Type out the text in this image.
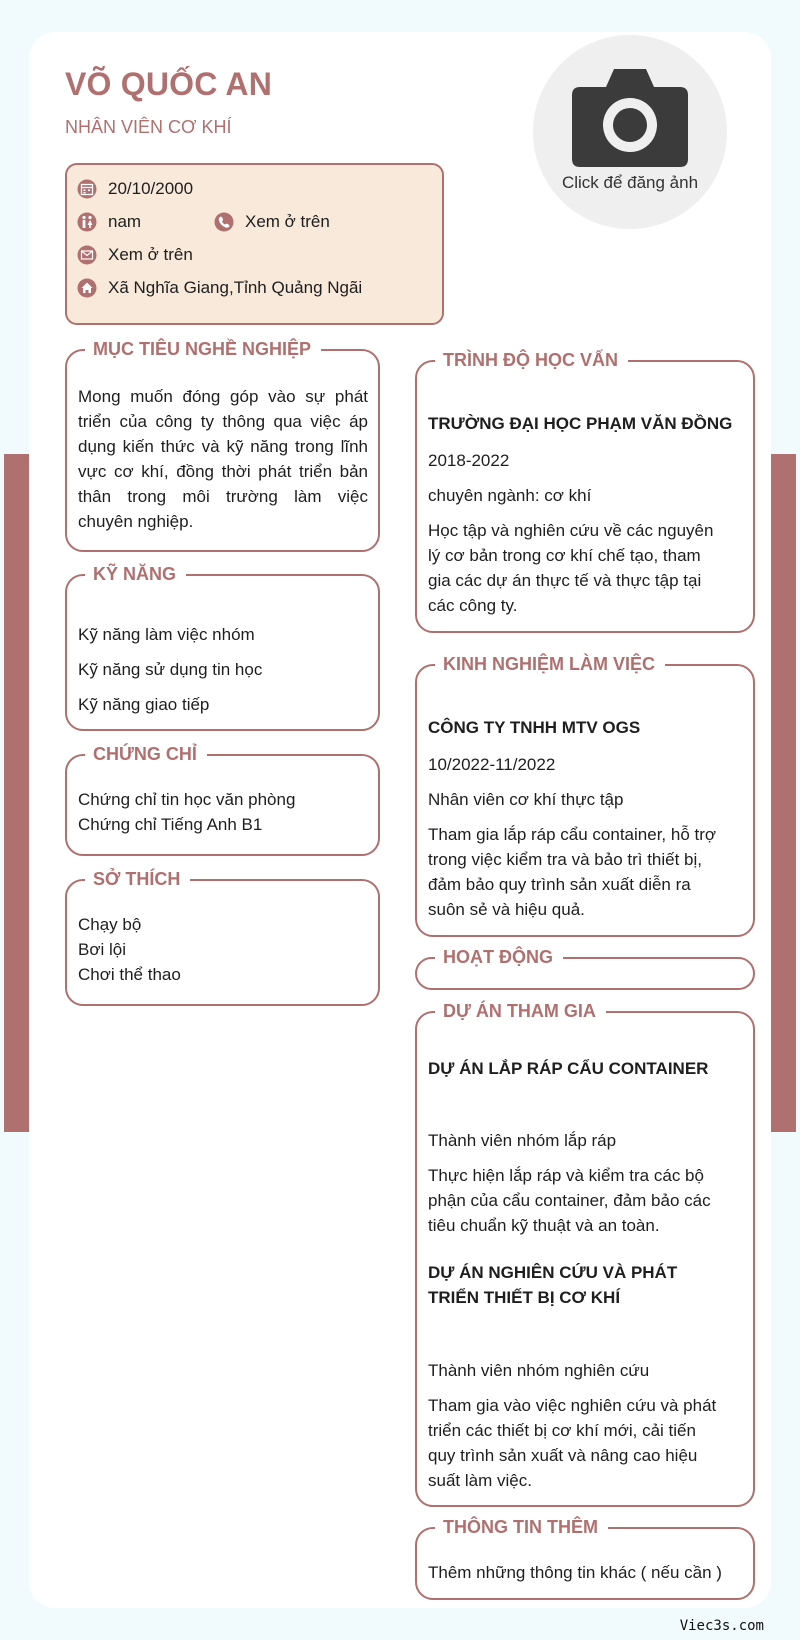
VÕ QUỐC AN
NHÂN VIÊN CƠ KHÍ
Click để đăng ảnh
20/10/2000
nam	Xem ở trên
Xem ở trên
Xã Nghĩa Giang,Tỉnh Quảng Ngãi
MỤC TIÊU NGHỀ NGHIỆP
Mong muốn đóng góp vào sự phát triển của công ty thông qua việc áp dụng kiến thức và kỹ năng trong lĩnh vực cơ khí, đồng thời phát triển bản thân trong môi trường làm việc chuyên nghiệp.
KỸ NĂNG
Kỹ năng làm việc nhóm
Kỹ năng sử dụng tin học
Kỹ năng giao tiếp
CHỨNG CHỈ
Chứng chỉ tin học văn phòng
Chứng chỉ Tiếng Anh B1
SỞ THÍCH
Chạy bộ
Bơi lội
Chơi thể thao
TRÌNH ĐỘ HỌC VẤN
TRƯỜNG ĐẠI HỌC PHẠM VĂN ĐỒNG
2018-2022
chuyên ngành: cơ khí
Học tập và nghiên cứu về các nguyên lý cơ bản trong cơ khí chế tạo, tham gia các dự án thực tế và thực tập tại các công ty.
KINH NGHIỆM LÀM VIỆC
CÔNG TY TNHH MTV OGS
10/2022-11/2022
Nhân viên cơ khí thực tập
Tham gia lắp ráp cẩu container, hỗ trợ trong việc kiểm tra và bảo trì thiết bị, đảm bảo quy trình sản xuất diễn ra suôn sẻ và hiệu quả.
HOẠT ĐỘNG
DỰ ÁN THAM GIA
DỰ ÁN LẮP RÁP CẨU CONTAINER
Thành viên nhóm lắp ráp
Thực hiện lắp ráp và kiểm tra các bộ phận của cẩu container, đảm bảo các tiêu chuẩn kỹ thuật và an toàn.
DỰ ÁN NGHIÊN CỨU VÀ PHÁT TRIỂN THIẾT BỊ CƠ KHÍ
Thành viên nhóm nghiên cứu
Tham gia vào việc nghiên cứu và phát triển các thiết bị cơ khí mới, cải tiến quy trình sản xuất và nâng cao hiệu suất làm việc.
THÔNG TIN THÊM
Thêm những thông tin khác ( nếu cần )
Viec3s.com
